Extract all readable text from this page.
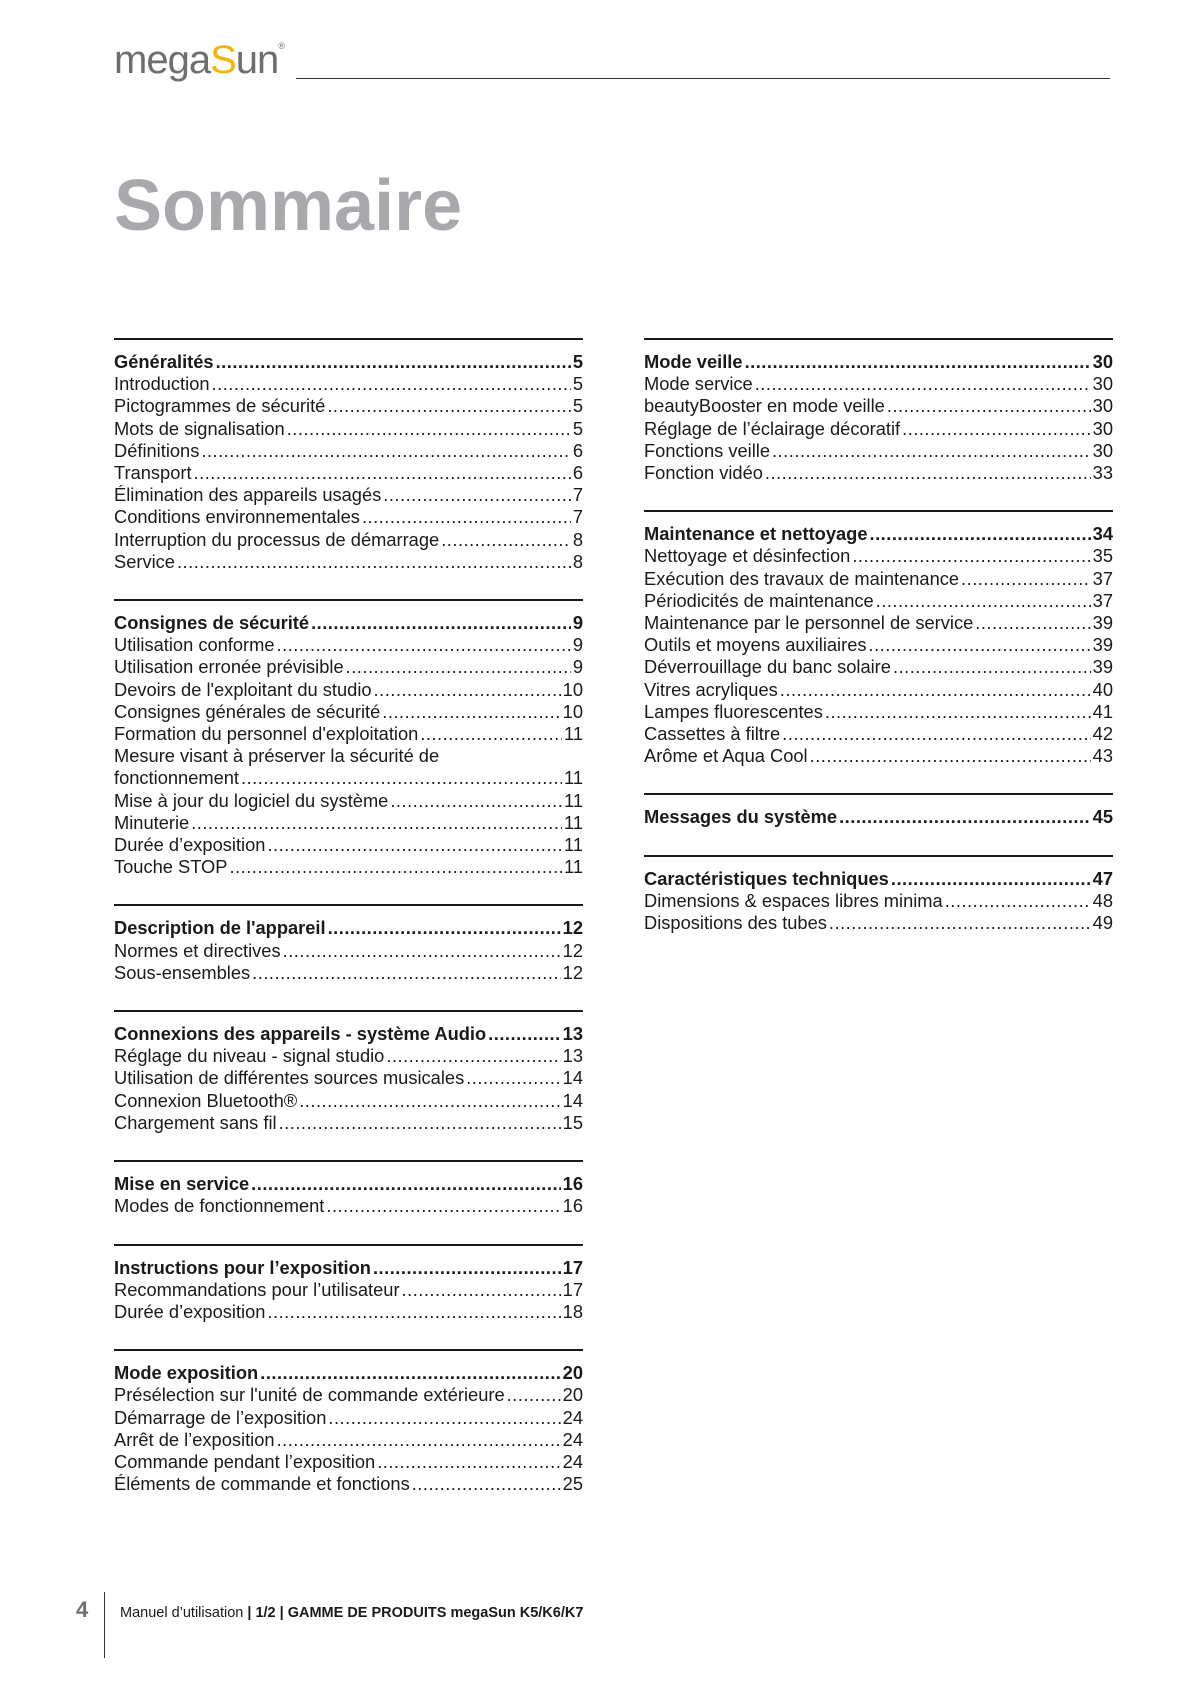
megaSun®
Sommaire
Généralités .....	5
Introduction .....	5
Pictogrammes de sécurité .....	5
Mots de signalisation .....	5
Définitions .....	6
Transport .....	6
Élimination des appareils usagés .....	7
Conditions environnementales .....	7
Interruption du processus de démarrage .....	8
Service .....	8
Consignes de sécurité .....	9
Utilisation conforme .....	9
Utilisation erronée prévisible .....	9
Devoirs de l'exploitant du studio .....	10
Consignes générales de sécurité .....	10
Formation du personnel d'exploitation .....	11
Mesure visant à préserver la sécurité de
fonctionnement .....	11
Mise à jour du logiciel du système .....	11
Minuterie .....	11
Durée d’exposition .....	11
Touche STOP .....	11
Description de l'appareil .....	12
Normes et directives .....	12
Sous-ensembles .....	12
Connexions des appareils - système Audio .....	13
Réglage du niveau - signal studio .....	13
Utilisation de différentes sources musicales .....	14
Connexion Bluetooth® .....	14
Chargement sans fil .....	15
Mise en service .....	16
Modes de fonctionnement .....	16
Instructions pour l’exposition .....	17
Recommandations pour l’utilisateur .....	17
Durée d’exposition .....	18
Mode exposition .....	20
Présélection sur l'unité de commande extérieure .....	20
Démarrage de l’exposition .....	24
Arrêt de l’exposition .....	24
Commande pendant l’exposition .....	24
Éléments de commande et fonctions .....	25
Mode veille .....	30
Mode service .....	30
beautyBooster en mode veille .....	30
Réglage de l’éclairage décoratif .....	30
Fonctions veille .....	30
Fonction vidéo .....	33
Maintenance et nettoyage .....	34
Nettoyage et désinfection .....	35
Exécution des travaux de maintenance .....	37
Périodicités de maintenance .....	37
Maintenance par le personnel de service .....	39
Outils et moyens auxiliaires .....	39
Déverrouillage du banc solaire .....	39
Vitres acryliques .....	40
Lampes fluorescentes .....	41
Cassettes à filtre .....	42
Arôme et Aqua Cool .....	43
Messages du système .....	45
Caractéristiques techniques .....	47
Dimensions & espaces libres minima .....	48
Dispositions des tubes .....	49
4 Manuel d’utilisation | 1/2 | GAMME DE PRODUITS megaSun K5/K6/K7
